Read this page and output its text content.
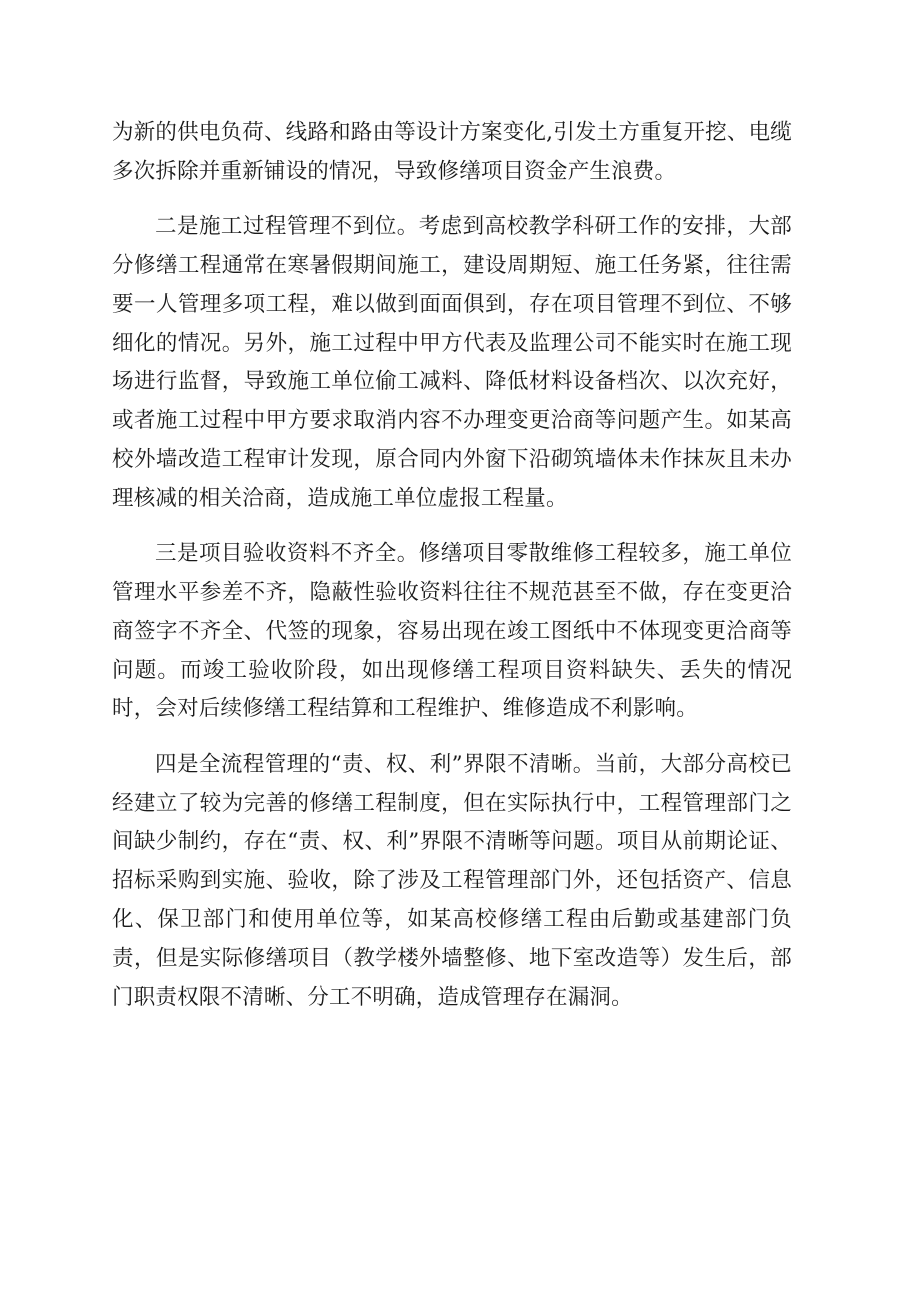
为新的供电负荷、线路和路由等设计方案变化,引发土方重复开挖、电缆多次拆除并重新铺设的情况，导致修缮项目资金产生浪费。

二是施工过程管理不到位。考虑到高校教学科研工作的安排，大部分修缮工程通常在寒暑假期间施工，建设周期短、施工任务紧，往往需要一人管理多项工程，难以做到面面俱到，存在项目管理不到位、不够细化的情况。另外，施工过程中甲方代表及监理公司不能实时在施工现场进行监督，导致施工单位偷工减料、降低材料设备档次、以次充好，或者施工过程中甲方要求取消内容不办理变更洽商等问题产生。如某高校外墙改造工程审计发现，原合同内外窗下沿砌筑墙体未作抹灰且未办理核减的相关洽商，造成施工单位虚报工程量。

三是项目验收资料不齐全。修缮项目零散维修工程较多，施工单位管理水平参差不齐，隐蔽性验收资料往往不规范甚至不做，存在变更洽商签字不齐全、代签的现象，容易出现在竣工图纸中不体现变更洽商等问题。而竣工验收阶段，如出现修缮工程项目资料缺失、丢失的情况时，会对后续修缮工程结算和工程维护、维修造成不利影响。

四是全流程管理的“责、权、利”界限不清晰。当前，大部分高校已经建立了较为完善的修缮工程制度，但在实际执行中，工程管理部门之间缺少制约，存在“责、权、利”界限不清晰等问题。项目从前期论证、招标采购到实施、验收，除了涉及工程管理部门外，还包括资产、信息化、保卫部门和使用单位等，如某高校修缮工程由后勤或基建部门负责，但是实际修缮项目（教学楼外墙整修、地下室改造等）发生后，部门职责权限不清晰、分工不明确，造成管理存在漏洞。
